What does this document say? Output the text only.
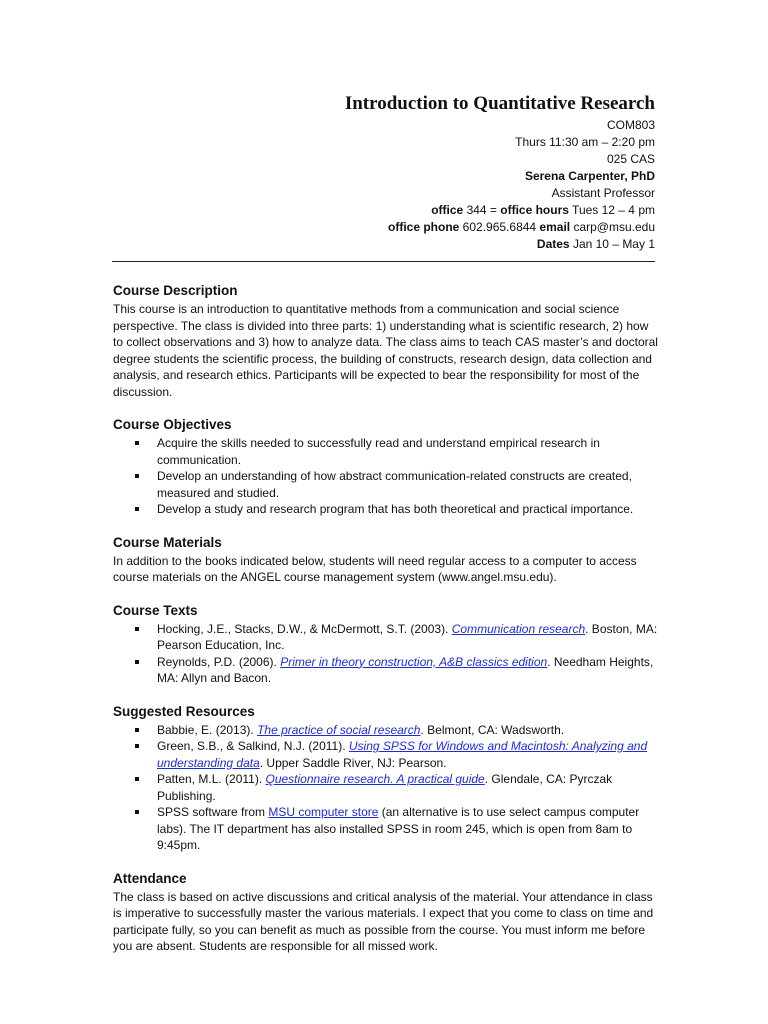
Introduction to Quantitative Research
COM803
Thurs 11:30 am – 2:20 pm
025 CAS
Serena Carpenter, PhD
Assistant Professor
office 344 = office hours Tues 12 – 4 pm
office phone 602.965.6844 email carp@msu.edu
Dates Jan 10 – May 1
Course Description

This course is an introduction to quantitative methods from a communication and social science perspective. The class is divided into three parts: 1) understanding what is scientific research, 2) how to collect observations and 3) how to analyze data. The class aims to teach CAS master’s and doctoral degree students the scientific process, the building of constructs, research design, data collection and analysis, and research ethics. Participants will be expected to bear the responsibility for most of the discussion.

Course Objectives
Acquire the skills needed to successfully read and understand empirical research in communication.
Develop an understanding of how abstract communication-related constructs are created, measured and studied.
Develop a study and research program that has both theoretical and practical importance.
Course Materials

In addition to the books indicated below, students will need regular access to a computer to access course materials on the ANGEL course management system (www.angel.msu.edu).

Course Texts
Hocking, J.E., Stacks, D.W., & McDermott, S.T. (2003). Communication research. Boston, MA: Pearson Education, Inc.
Reynolds, P.D. (2006). Primer in theory construction, A&B classics edition. Needham Heights, MA: Allyn and Bacon.
Suggested Resources
Babbie, E. (2013). The practice of social research. Belmont, CA: Wadsworth.
Green, S.B., & Salkind, N.J. (2011). Using SPSS for Windows and Macintosh: Analyzing and understanding data. Upper Saddle River, NJ: Pearson.
Patten, M.L. (2011). Questionnaire research. A practical guide. Glendale, CA: Pyrczak Publishing.
SPSS software from MSU computer store (an alternative is to use select campus computer labs). The IT department has also installed SPSS in room 245, which is open from 8am to 9:45pm.
Attendance

The class is based on active discussions and critical analysis of the material. Your attendance in class is imperative to successfully master the various materials. I expect that you come to class on time and participate fully, so you can benefit as much as possible from the course. You must inform me before you are absent. Students are responsible for all missed work.
